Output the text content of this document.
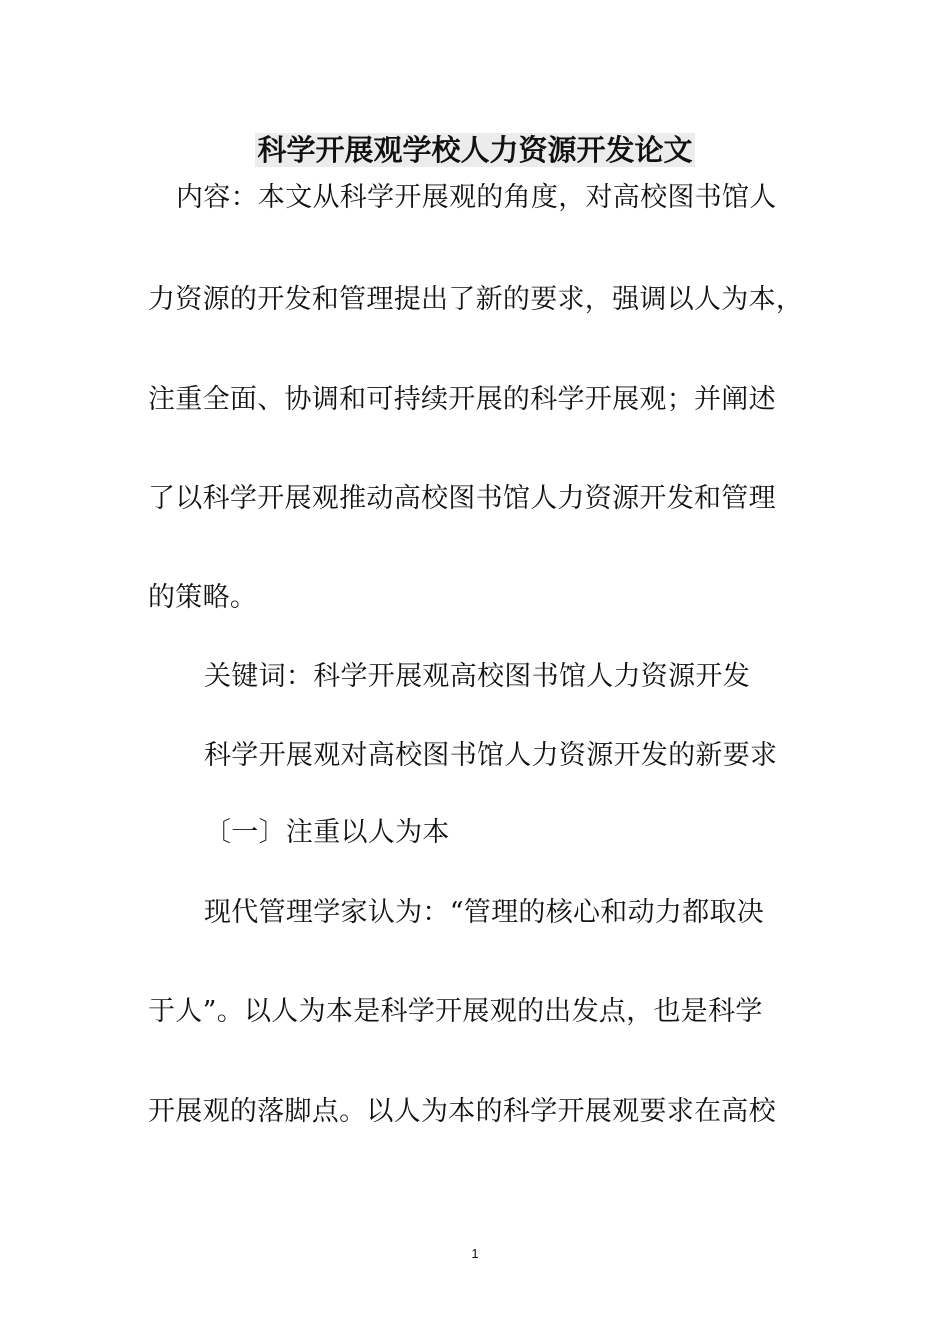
科学开展观学校人力资源开发论文
内容：本文从科学开展观的角度，对高校图书馆人
力资源的开发和管理提出了新的要求，强调以人为本，
注重全面、协调和可持续开展的科学开展观；并阐述
了以科学开展观推动高校图书馆人力资源开发和管理
的策略。
关键词：科学开展观高校图书馆人力资源开发
科学开展观对高校图书馆人力资源开发的新要求
〔一〕注重以人为本
现代管理学家认为：“管理的核心和动力都取决
于人”。以人为本是科学开展观的出发点，也是科学
开展观的落脚点。以人为本的科学开展观要求在高校
1
